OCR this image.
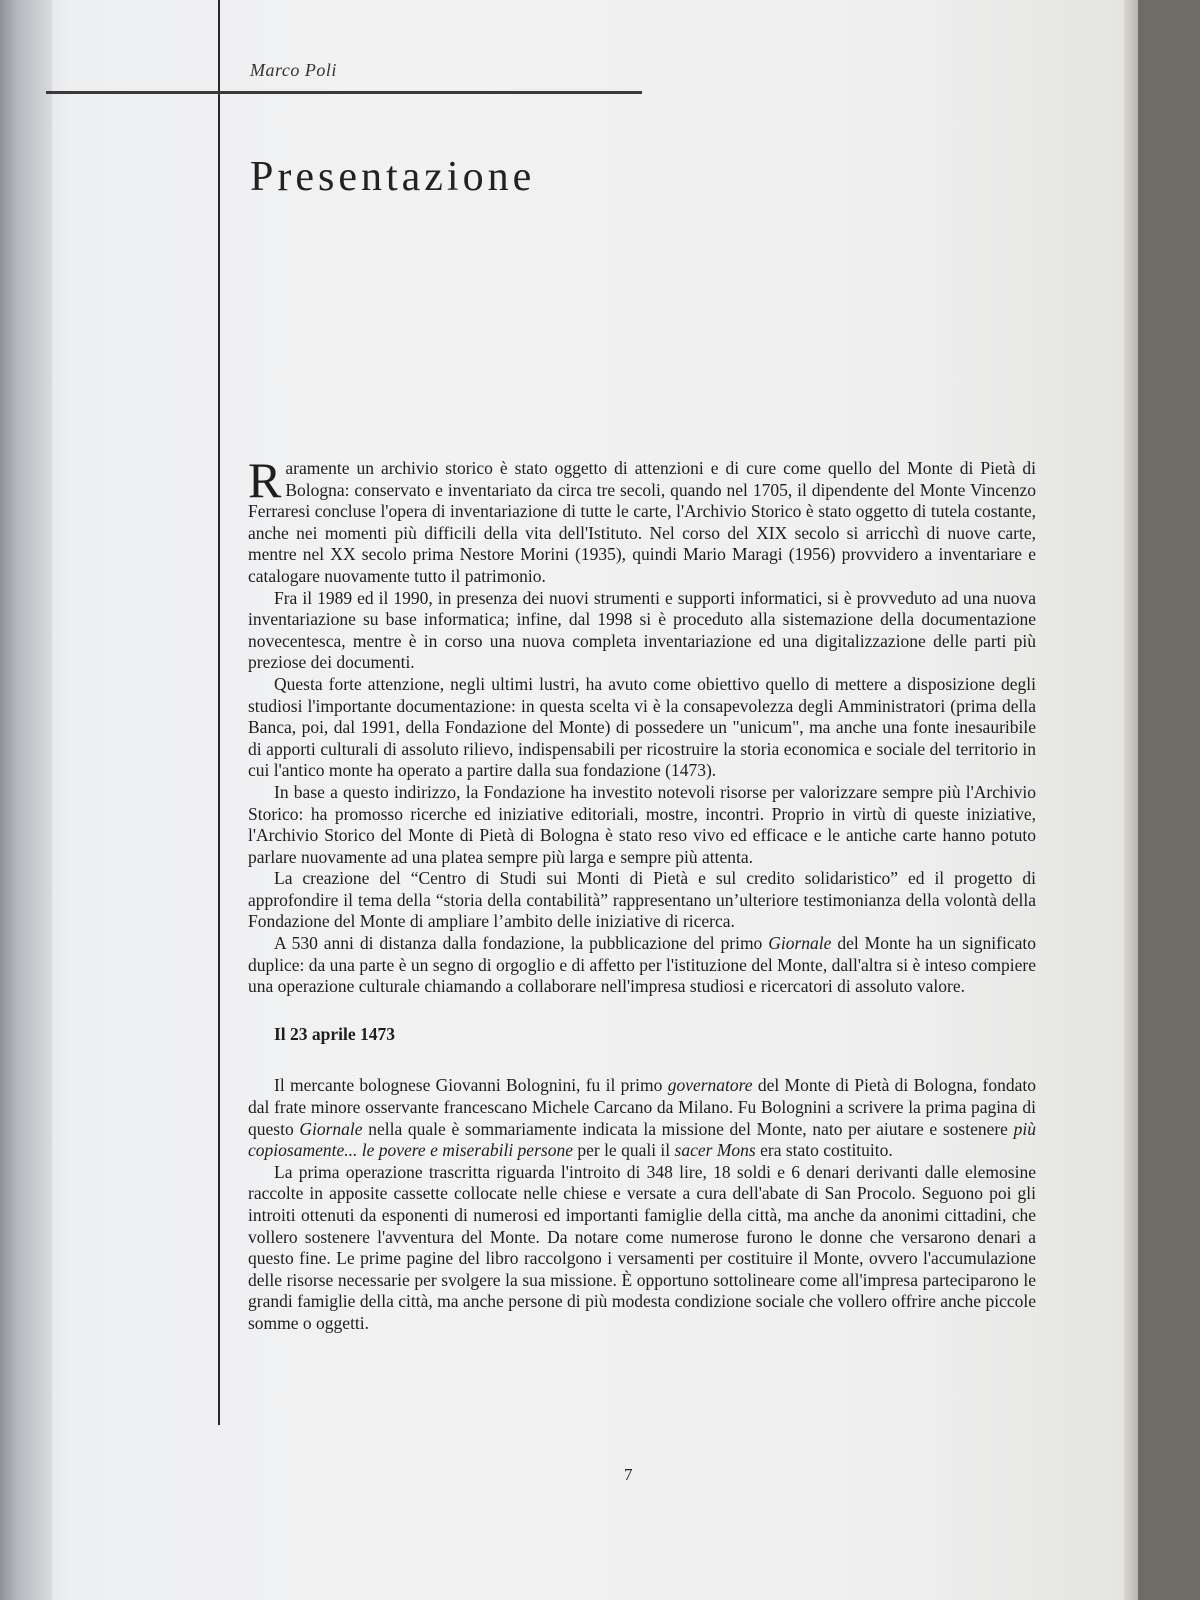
Marco Poli
Presentazione

Raramente un archivio storico è stato oggetto di attenzioni e di cure come quello del Monte di Pietà di Bologna: conservato e inventariato da circa tre secoli, quando nel 1705, il dipendente del Monte Vincenzo Ferraresi concluse l'opera di inventariazione di tutte le carte, l'Archivio Storico è stato oggetto di tutela costante, anche nei momenti più difficili della vita dell'Istituto. Nel corso del XIX secolo si arricchì di nuove carte, mentre nel XX secolo prima Nestore Morini (1935), quindi Mario Maragi (1956) provvidero a inventariare e catalogare nuovamente tutto il patrimonio.

Fra il 1989 ed il 1990, in presenza dei nuovi strumenti e supporti informatici, si è provveduto ad una nuova inventariazione su base informatica; infine, dal 1998 si è proceduto alla sistemazione della documentazione novecentesca, mentre è in corso una nuova completa inventariazione ed una digitalizzazione delle parti più preziose dei documenti.

Questa forte attenzione, negli ultimi lustri, ha avuto come obiettivo quello di mettere a disposizione degli studiosi l'importante documentazione: in questa scelta vi è la consapevolezza degli Amministratori (prima della Banca, poi, dal 1991, della Fondazione del Monte) di possedere un "unicum", ma anche una fonte inesauribile di apporti culturali di assoluto rilievo, indispensabili per ricostruire la storia economica e sociale del territorio in cui l'antico monte ha operato a partire dalla sua fondazione (1473).

In base a questo indirizzo, la Fondazione ha investito notevoli risorse per valorizzare sempre più l'Archivio Storico: ha promosso ricerche ed iniziative editoriali, mostre, incontri. Proprio in virtù di queste iniziative, l'Archivio Storico del Monte di Pietà di Bologna è stato reso vivo ed efficace e le antiche carte hanno potuto parlare nuovamente ad una platea sempre più larga e sempre più attenta.

La creazione del “Centro di Studi sui Monti di Pietà e sul credito solidaristico” ed il progetto di approfondire il tema della “storia della contabilità” rappresentano un’ulteriore testimonianza della volontà della Fondazione del Monte di ampliare l’ambito delle iniziative di ricerca.

A 530 anni di distanza dalla fondazione, la pubblicazione del primo Giornale del Monte ha un significato duplice: da una parte è un segno di orgoglio e di affetto per l'istituzione del Monte, dall'altra si è inteso compiere una operazione culturale chiamando a collaborare nell'impresa studiosi e ricercatori di assoluto valore.

Il 23 aprile 1473

Il mercante bolognese Giovanni Bolognini, fu il primo governatore del Monte di Pietà di Bologna, fondato dal frate minore osservante francescano Michele Carcano da Milano. Fu Bolognini a scrivere la prima pagina di questo Giornale nella quale è sommariamente indicata la missione del Monte, nato per aiutare e sostenere più copiosamente... le povere e miserabili persone per le quali il sacer Mons era stato costituito.

La prima operazione trascritta riguarda l'introito di 348 lire, 18 soldi e 6 denari derivanti dalle elemosine raccolte in apposite cassette collocate nelle chiese e versate a cura dell'abate di San Procolo. Seguono poi gli introiti ottenuti da esponenti di numerosi ed importanti famiglie della città, ma anche da anonimi cittadini, che vollero sostenere l'avventura del Monte. Da notare come numerose furono le donne che versarono denari a questo fine. Le prime pagine del libro raccolgono i versamenti per costituire il Monte, ovvero l'accumulazione delle risorse necessarie per svolgere la sua missione. È opportuno sottolineare come all'impresa parteciparono le grandi famiglie della città, ma anche persone di più modesta condizione sociale che vollero offrire anche piccole somme o oggetti.

7
